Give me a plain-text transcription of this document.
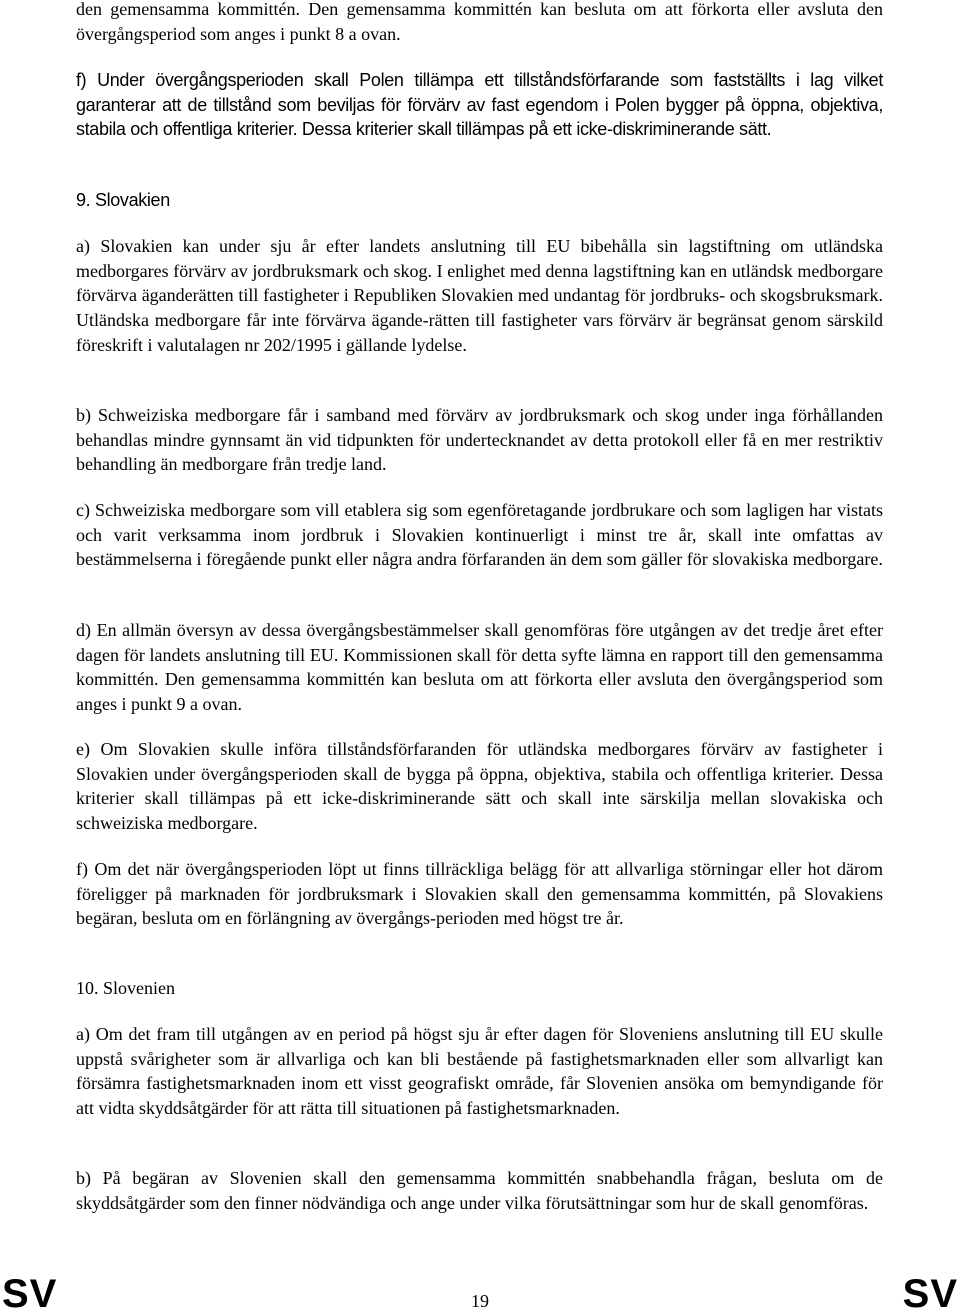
den gemensamma kommittén. Den gemensamma kommittén kan besluta om att förkorta eller avsluta den övergångsperiod som anges i punkt 8 a ovan.

f) Under övergångsperioden skall Polen tillämpa ett tillståndsförfarande som fastställts i lag vilket garanterar att de tillstånd som beviljas för förvärv av fast egendom i Polen bygger på öppna, objektiva, stabila och offentliga kriterier. Dessa kriterier skall tillämpas på ett icke-diskriminerande sätt.

9. Slovakien

a) Slovakien kan under sju år efter landets anslutning till EU bibehålla sin lagstiftning om utländska medborgares förvärv av jordbruksmark och skog. I enlighet med denna lagstiftning kan en utländsk medborgare förvärva äganderätten till fastigheter i Republiken Slovakien med undantag för jordbruks- och skogsbruksmark. Utländska medborgare får inte förvärva ägande-rätten till fastigheter vars förvärv är begränsat genom särskild föreskrift i valutalagen nr 202/1995 i gällande lydelse.

b) Schweiziska medborgare får i samband med förvärv av jordbruksmark och skog under inga förhållanden behandlas mindre gynnsamt än vid tidpunkten för undertecknandet av detta protokoll eller få en mer restriktiv behandling än medborgare från tredje land.

c) Schweiziska medborgare som vill etablera sig som egenföretagande jordbrukare och som lagligen har vistats och varit verksamma inom jordbruk i Slovakien kontinuerligt i minst tre år, skall inte omfattas av bestämmelserna i föregående punkt eller några andra förfaranden än dem som gäller för slovakiska medborgare.

d) En allmän översyn av dessa övergångsbestämmelser skall genomföras före utgången av det tredje året efter dagen för landets anslutning till EU. Kommissionen skall för detta syfte lämna en rapport till den gemensamma kommittén. Den gemensamma kommittén kan besluta om att förkorta eller avsluta den övergångsperiod som anges i punkt 9 a ovan.

e) Om Slovakien skulle införa tillståndsförfaranden för utländska medborgares förvärv av fastigheter i Slovakien under övergångsperioden skall de bygga på öppna, objektiva, stabila och offentliga kriterier. Dessa kriterier skall tillämpas på ett icke-diskriminerande sätt och skall inte särskilja mellan slovakiska och schweiziska medborgare.

f) Om det när övergångsperioden löpt ut finns tillräckliga belägg för att allvarliga störningar eller hot därom föreligger på marknaden för jordbruksmark i Slovakien skall den gemensamma kommittén, på Slovakiens begäran, besluta om en förlängning av övergångs-perioden med högst tre år.

10. Slovenien

a) Om det fram till utgången av en period på högst sju år efter dagen för Sloveniens anslutning till EU skulle uppstå svårigheter som är allvarliga och kan bli bestående på fastighetsmarknaden eller som allvarligt kan försämra fastighetsmarknaden inom ett visst geografiskt område, får Slovenien ansöka om bemyndigande för att vidta skyddsåtgärder för att rätta till situationen på fastighetsmarknaden.

b) På begäran av Slovenien skall den gemensamma kommittén snabbehandla frågan, besluta om de skyddsåtgärder som den finner nödvändiga och ange under vilka förutsättningar som hur de skall genomföras.

SV	19	SV
